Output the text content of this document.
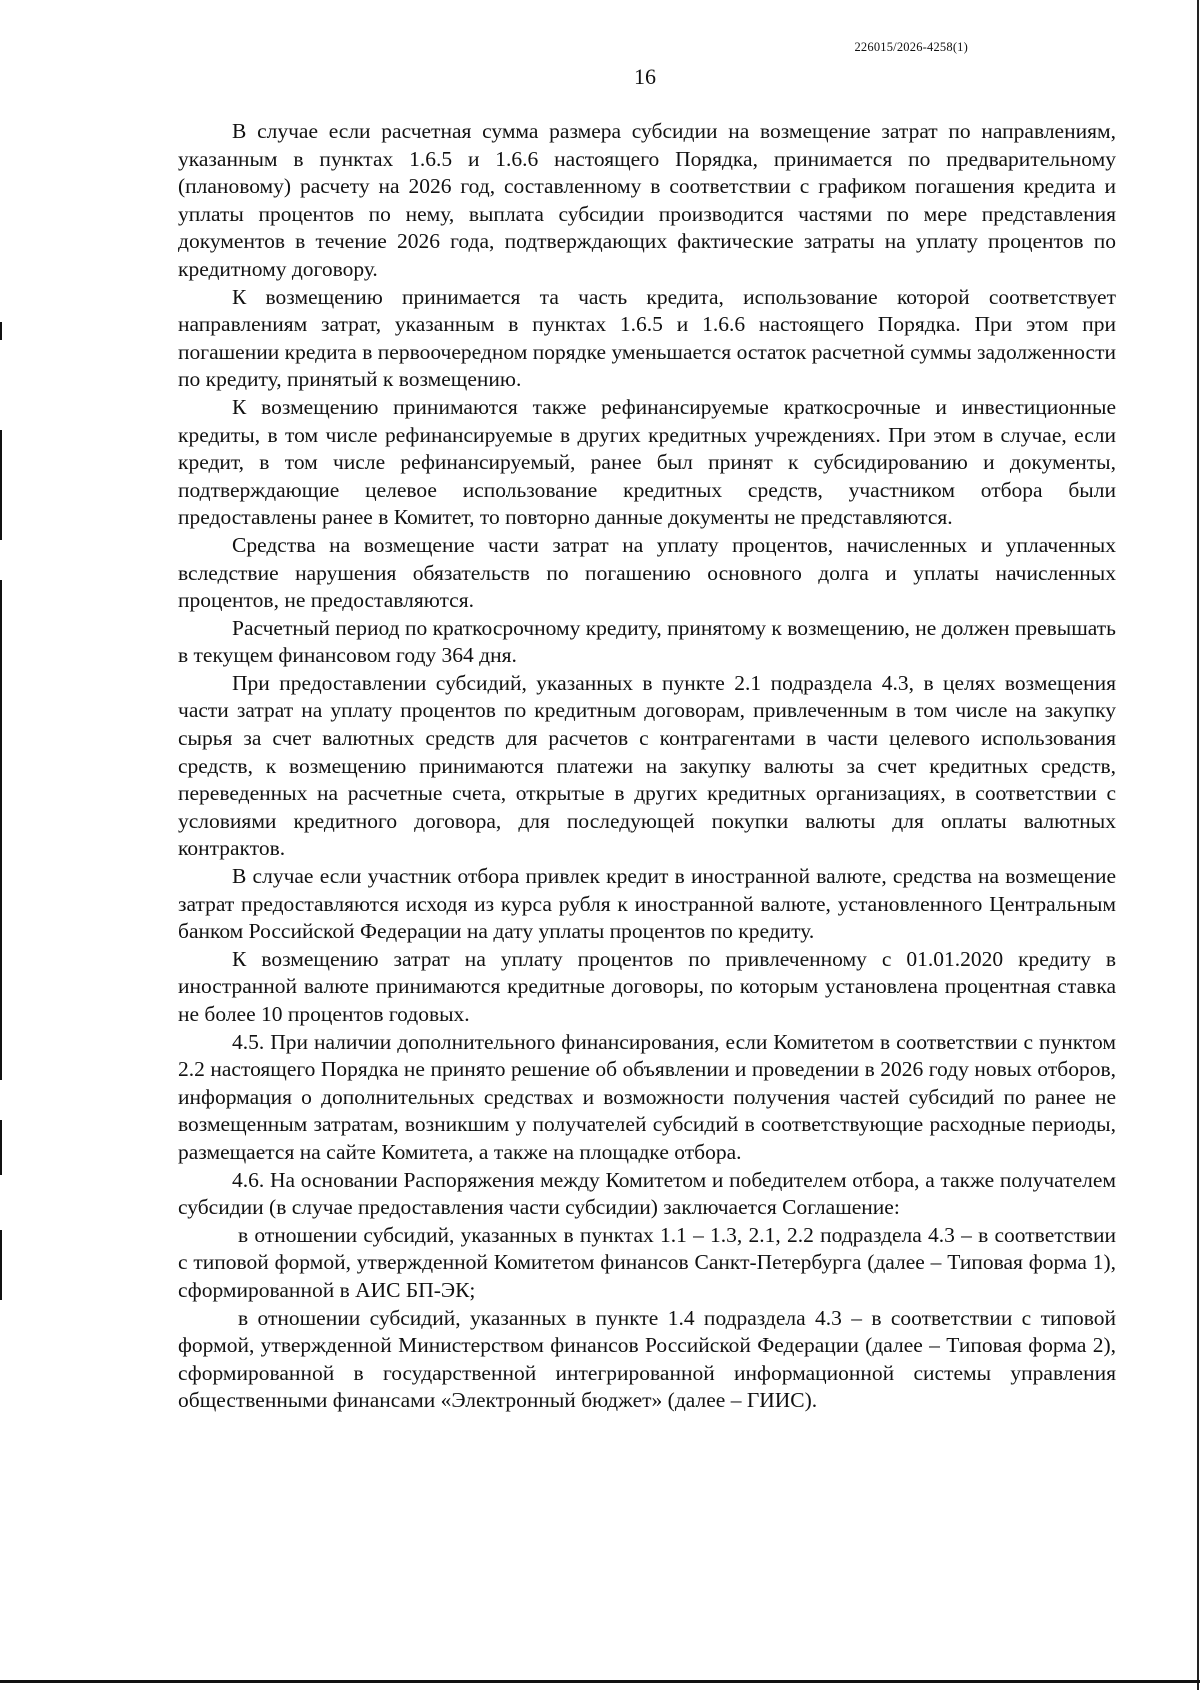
226015/2026-4258(1)
16

В случае если расчетная сумма размера субсидии на возмещение затрат по направлениям, указанным в пунктах 1.6.5 и 1.6.6 настоящего Порядка, принимается по предварительному (плановому) расчету на 2026 год, составленному в соответствии с графиком погашения кредита и уплаты процентов по нему, выплата субсидии производится частями по мере представления документов в течение 2026 года, подтверждающих фактические затраты на уплату процентов по кредитному договору.

К возмещению принимается та часть кредита, использование которой соответствует направлениям затрат, указанным в пунктах 1.6.5 и 1.6.6 настоящего Порядка. При этом при погашении кредита в первоочередном порядке уменьшается остаток расчетной суммы задолженности по кредиту, принятый к возмещению.

К возмещению принимаются также рефинансируемые краткосрочные и инвестиционные кредиты, в том числе рефинансируемые в других кредитных учреждениях. При этом в случае, если кредит, в том числе рефинансируемый, ранее был принят к субсидированию и документы, подтверждающие целевое использование кредитных средств, участником отбора были предоставлены ранее в Комитет, то повторно данные документы не представляются.

Средства на возмещение части затрат на уплату процентов, начисленных и уплаченных вследствие нарушения обязательств по погашению основного долга и уплаты начисленных процентов, не предоставляются.

Расчетный период по краткосрочному кредиту, принятому к возмещению, не должен превышать в текущем финансовом году 364 дня.

При предоставлении субсидий, указанных в пункте 2.1 подраздела 4.3, в целях возмещения части затрат на уплату процентов по кредитным договорам, привлеченным в том числе на закупку сырья за счет валютных средств для расчетов с контрагентами в части целевого использования средств, к возмещению принимаются платежи на закупку валюты за счет кредитных средств, переведенных на расчетные счета, открытые в других кредитных организациях, в соответствии с условиями кредитного договора, для последующей покупки валюты для оплаты валютных контрактов.

В случае если участник отбора привлек кредит в иностранной валюте, средства на возмещение затрат предоставляются исходя из курса рубля к иностранной валюте, установленного Центральным банком Российской Федерации на дату уплаты процентов по кредиту.

К возмещению затрат на уплату процентов по привлеченному с 01.01.2020 кредиту в иностранной валюте принимаются кредитные договоры, по которым установлена процентная ставка не более 10 процентов годовых.

4.5. При наличии дополнительного финансирования, если Комитетом в соответствии с пунктом 2.2 настоящего Порядка не принято решение об объявлении и проведении в 2026 году новых отборов, информация о дополнительных средствах и возможности получения частей субсидий по ранее не возмещенным затратам, возникшим у получателей субсидий в соответствующие расходные периоды, размещается на сайте Комитета, а также на площадке отбора.

4.6. На основании Распоряжения между Комитетом и победителем отбора, а также получателем субсидии (в случае предоставления части субсидии) заключается Соглашение:

в отношении субсидий, указанных в пунктах 1.1 – 1.3, 2.1, 2.2 подраздела 4.3 – в соответствии с типовой формой, утвержденной Комитетом финансов Санкт-Петербурга (далее – Типовая форма 1), сформированной в АИС БП-ЭК;

в отношении субсидий, указанных в пункте 1.4 подраздела 4.3 – в соответствии с типовой формой, утвержденной Министерством финансов Российской Федерации (далее – Типовая форма 2), сформированной в государственной интегрированной информационной системы управления общественными финансами «Электронный бюджет» (далее – ГИИС).
